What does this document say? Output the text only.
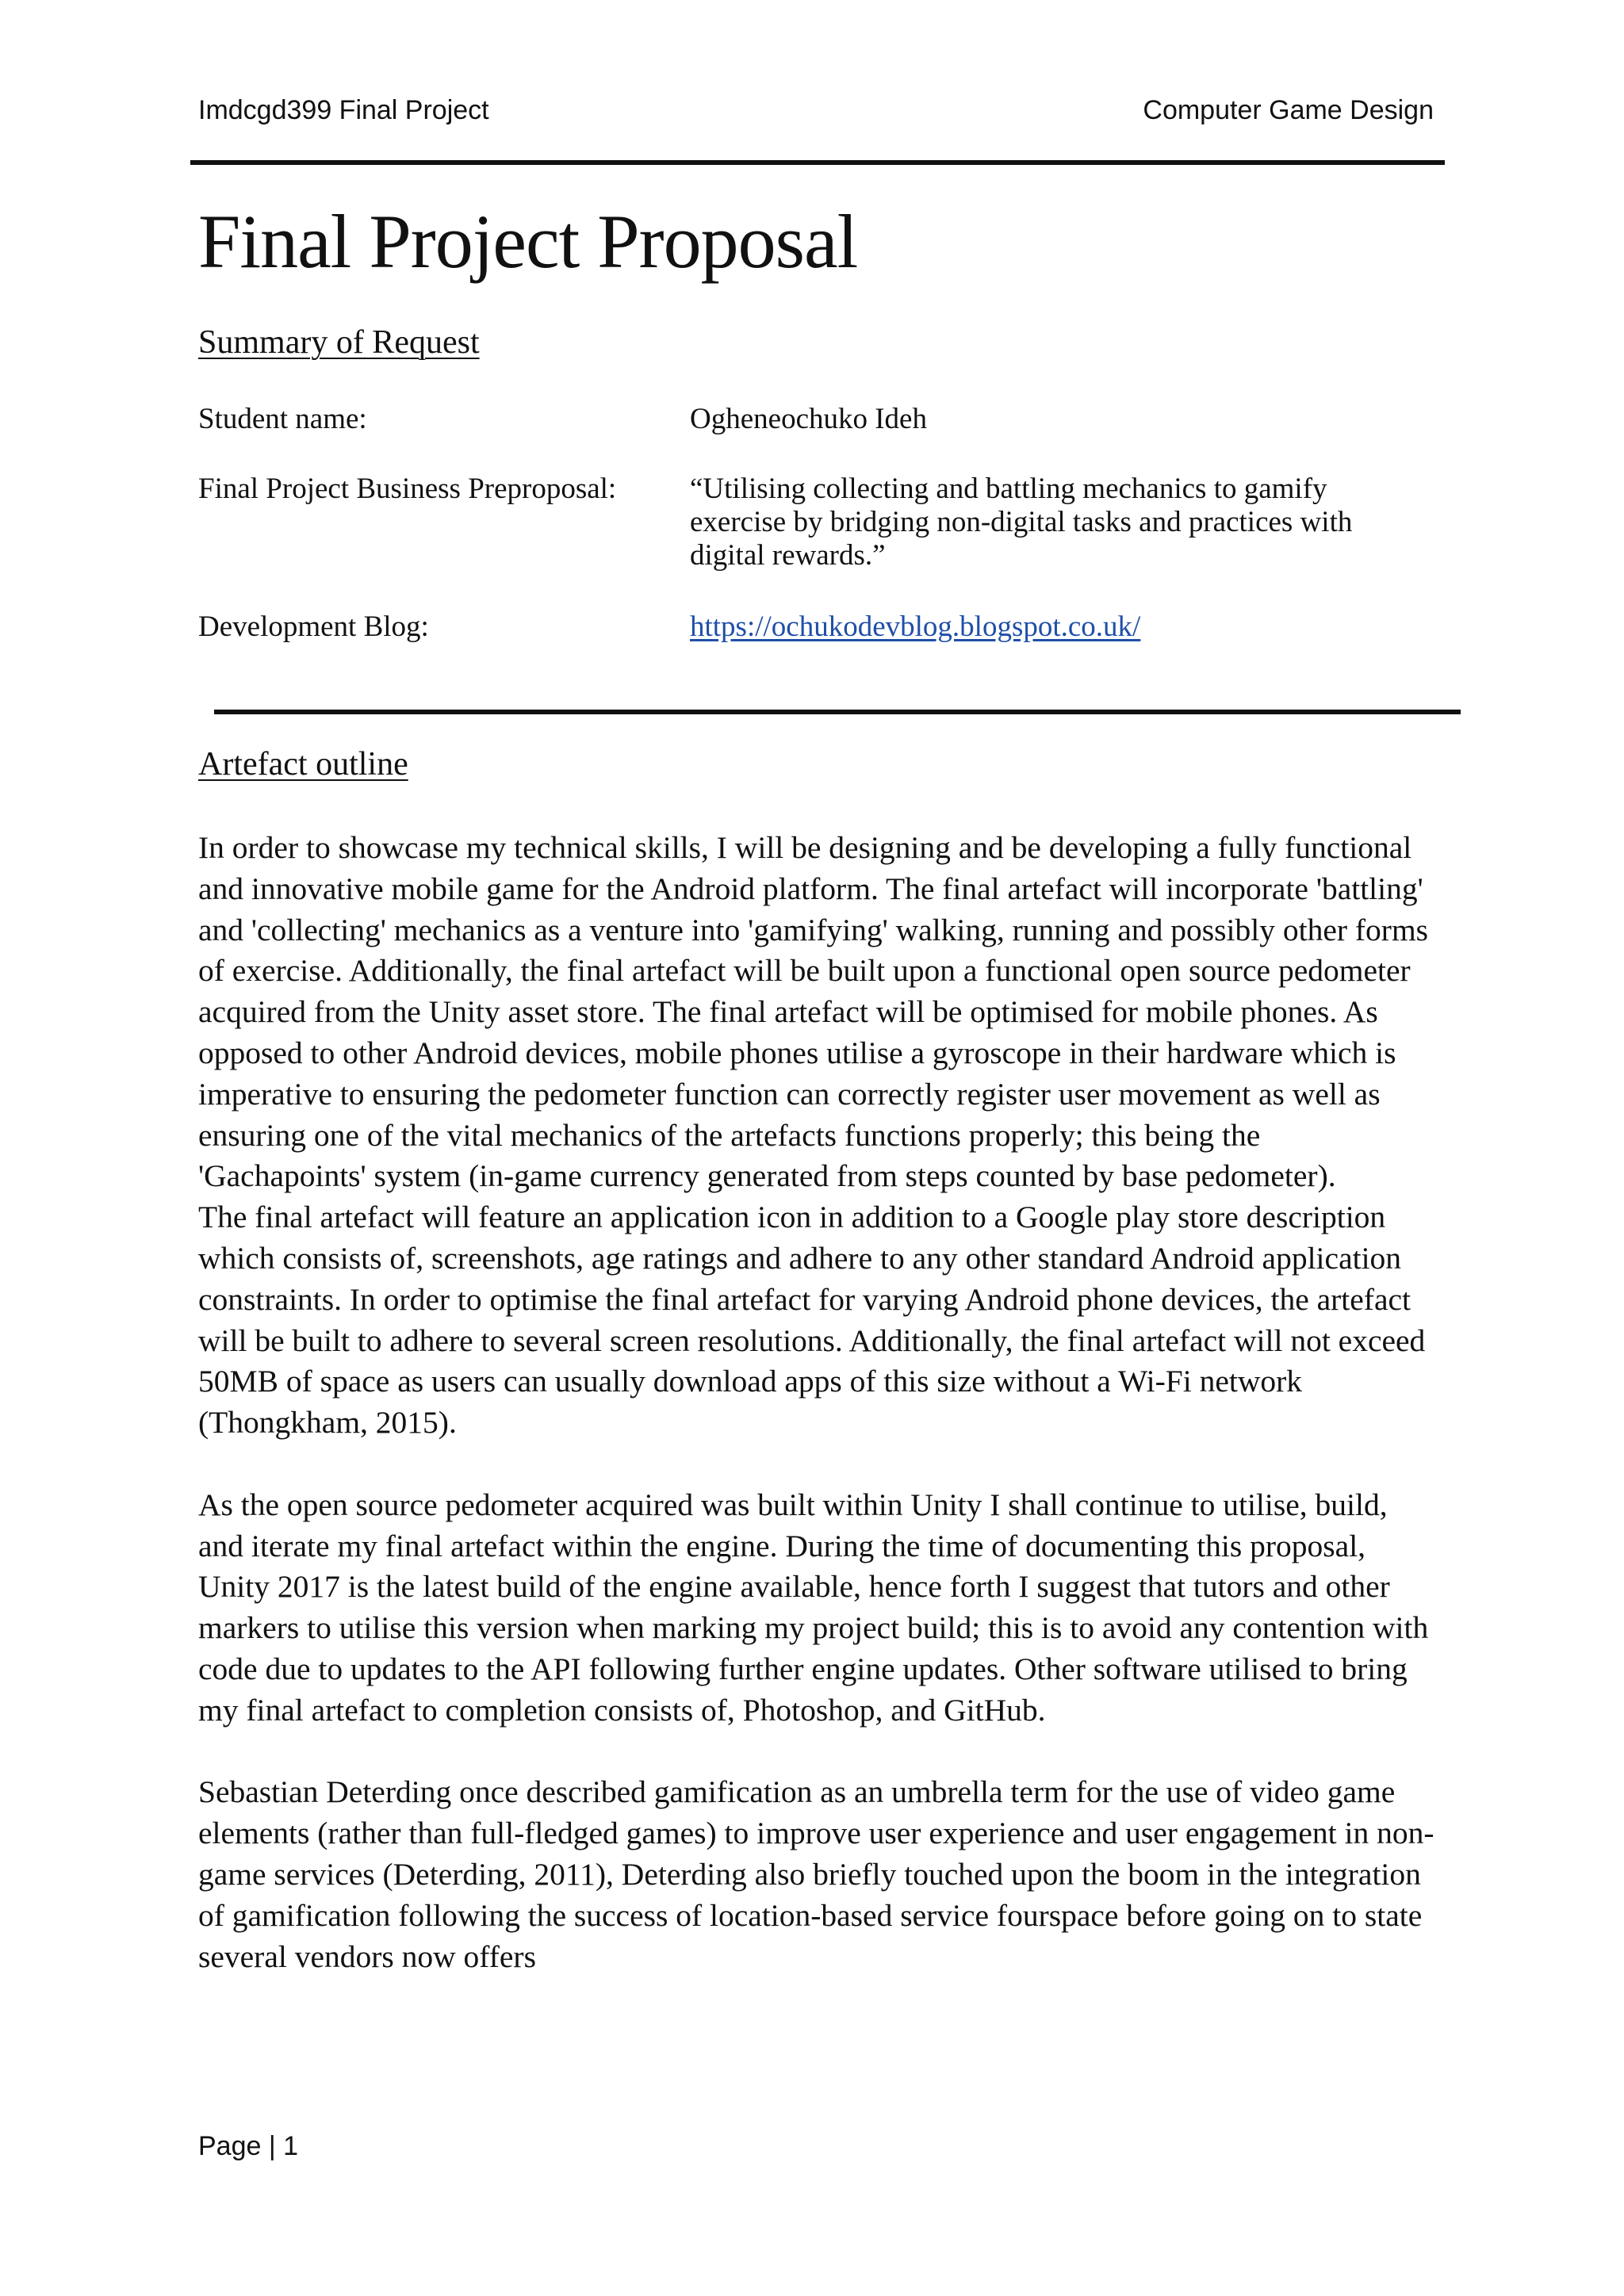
Imdcgd399 Final Project	Computer Game Design
Final Project Proposal
Summary of Request
Student name:	Ogheneochuko Ideh
Final Project Business Preproposal:	“Utilising collecting and battling mechanics to gamify exercise by bridging non-digital tasks and practices with digital rewards.”
Development Blog:	https://ochukodevblog.blogspot.co.uk/
Artefact outline

In order to showcase my technical skills, I will be designing and be developing a fully functional and innovative mobile game for the Android platform. The final artefact will incorporate 'battling' and 'collecting' mechanics as a venture into 'gamifying' walking, running and possibly other forms of exercise. Additionally, the final artefact will be built upon a functional open source pedometer acquired from the Unity asset store. The final artefact will be optimised for mobile phones. As opposed to other Android devices, mobile phones utilise a gyroscope in their hardware which is imperative to ensuring the pedometer function can correctly register user movement as well as ensuring one of the vital mechanics of the artefacts functions properly; this being the 'Gachapoints' system (in-game currency generated from steps counted by base pedometer).

The final artefact will feature an application icon in addition to a Google play store description which consists of, screenshots, age ratings and adhere to any other standard Android application constraints. In order to optimise the final artefact for varying Android phone devices, the artefact will be built to adhere to several screen resolutions. Additionally, the final artefact will not exceed 50MB of space as users can usually download apps of this size without a Wi-Fi network (Thongkham, 2015).

As the open source pedometer acquired was built within Unity I shall continue to utilise, build, and iterate my final artefact within the engine. During the time of documenting this proposal, Unity 2017 is the latest build of the engine available, hence forth I suggest that tutors and other markers to utilise this version when marking my project build; this is to avoid any contention with code due to updates to the API following further engine updates. Other software utilised to bring my final artefact to completion consists of, Photoshop, and GitHub.

Sebastian Deterding once described gamification as an umbrella term for the use of video game elements (rather than full-fledged games) to improve user experience and user engagement in non-game services (Deterding, 2011), Deterding also briefly touched upon the boom in the integration of gamification following the success of location-based service fourspace before going on to state several vendors now offers

Page | 1
